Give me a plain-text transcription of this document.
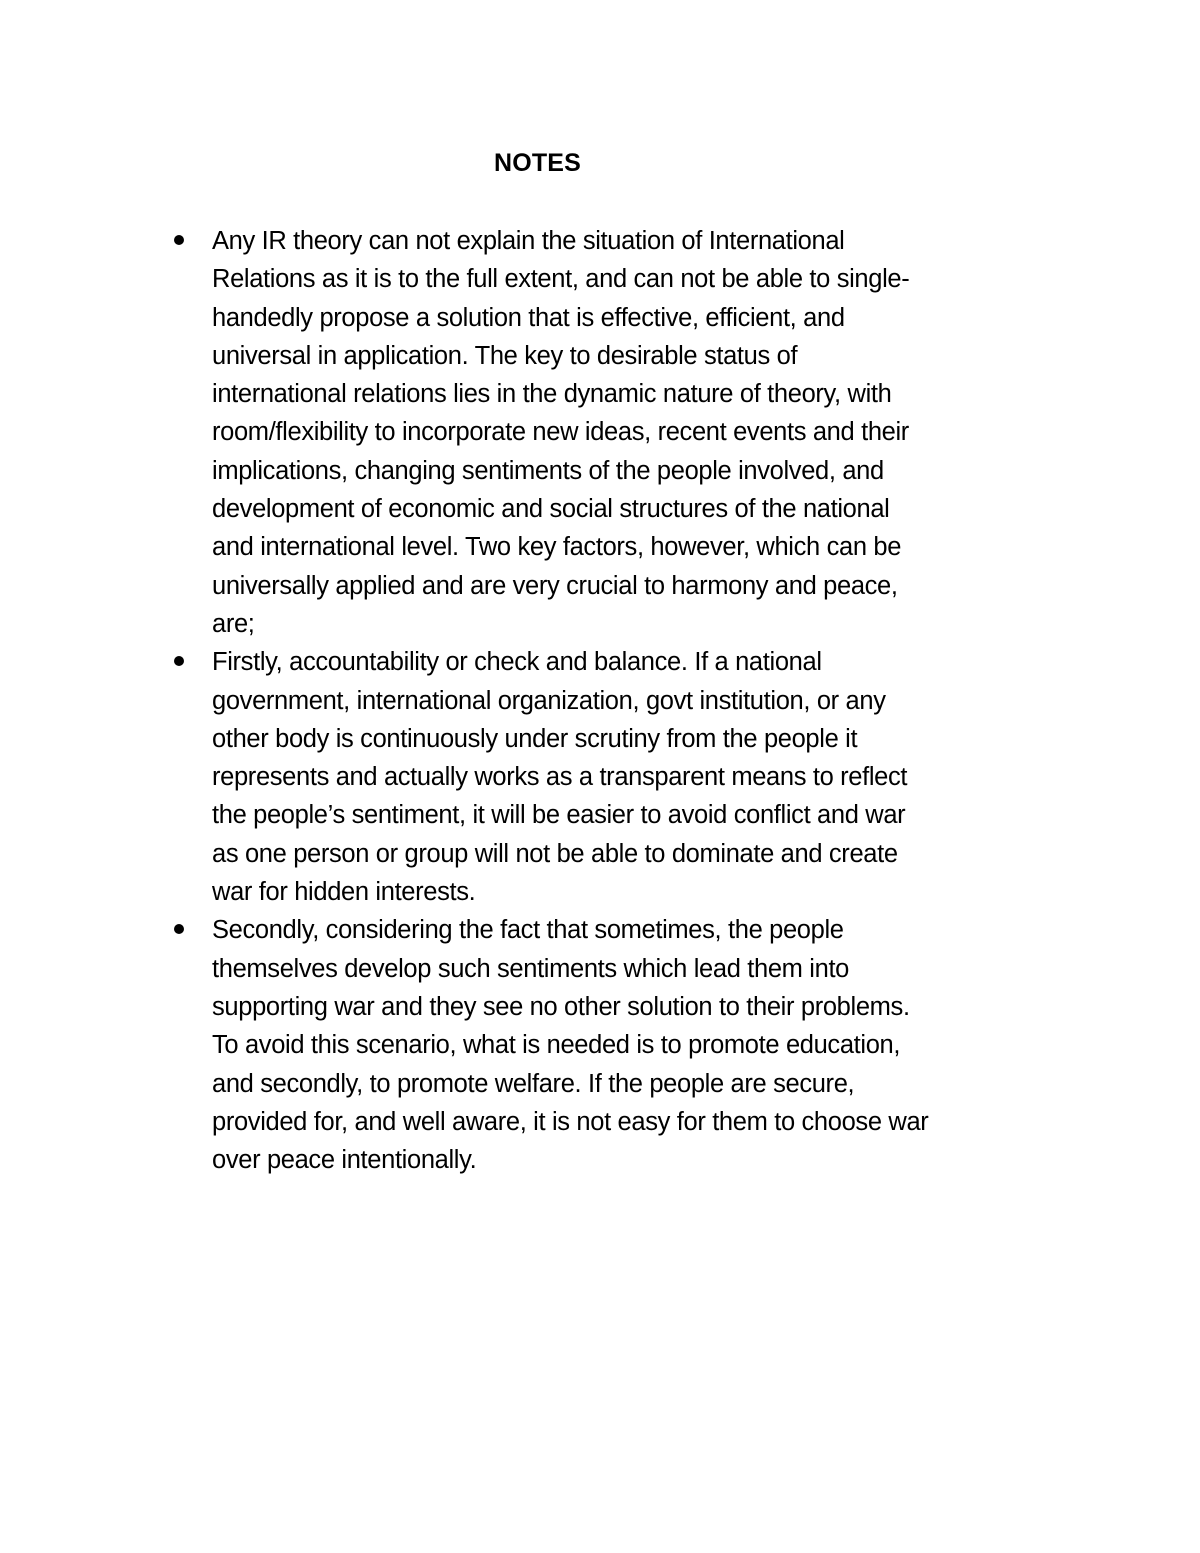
NOTES
Any IR theory can not explain the situation of International
Relations as it is to the full extent, and can not be able to single-
handedly propose a solution that is effective, efficient, and
universal in application. The key to desirable status of
international relations lies in the dynamic nature of theory, with
room/flexibility to incorporate new ideas, recent events and their
implications, changing sentiments of the people involved, and
development of economic and social structures of the national
and international level. Two key factors, however, which can be
universally applied and are very crucial to harmony and peace,
are;
Firstly, accountability or check and balance. If a national
government, international organization, govt institution, or any
other body is continuously under scrutiny from the people it
represents and actually works as a transparent means to reflect
the people’s sentiment, it will be easier to avoid conflict and war
as one person or group will not be able to dominate and create
war for hidden interests.
Secondly, considering the fact that sometimes, the people
themselves develop such sentiments which lead them into
supporting war and they see no other solution to their problems.
To avoid this scenario, what is needed is to promote education,
and secondly, to promote welfare. If the people are secure,
provided for, and well aware, it is not easy for them to choose war
over peace intentionally.
